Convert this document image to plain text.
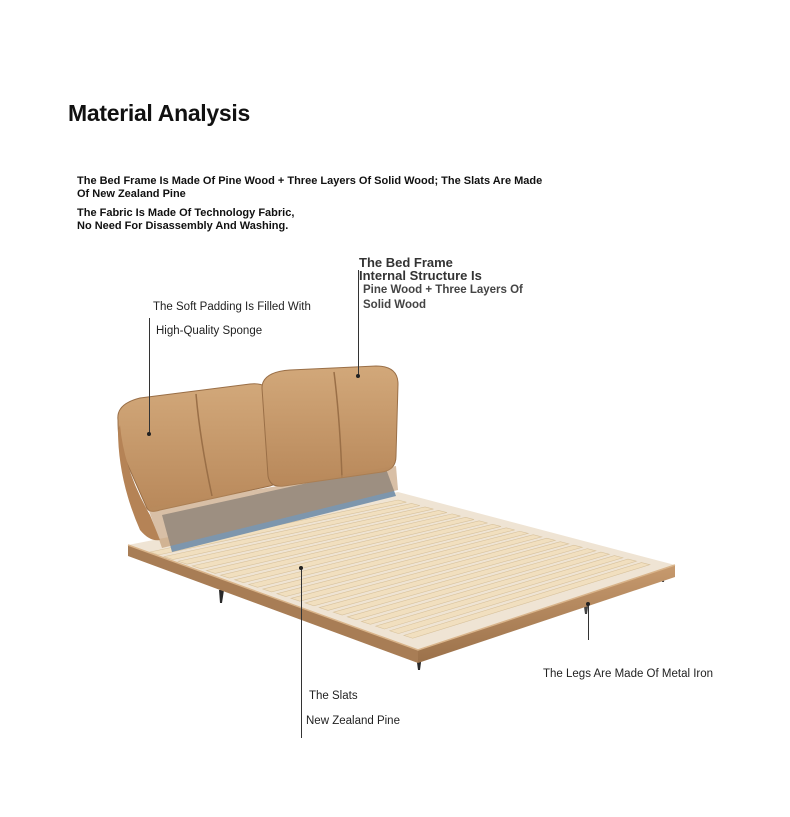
Material Analysis
The Bed Frame Is Made Of Pine Wood + Three Layers Of Solid Wood; The Slats Are Made
Of New Zealand Pine
The Fabric Is Made Of Technology Fabric,
No Need For Disassembly And Washing.
The Bed Frame
Internal Structure Is
Pine Wood + Three Layers Of
Solid Wood
The Soft Padding Is Filled With
High-Quality Sponge
The Slats
New Zealand Pine
The Legs Are Made Of Metal Iron
